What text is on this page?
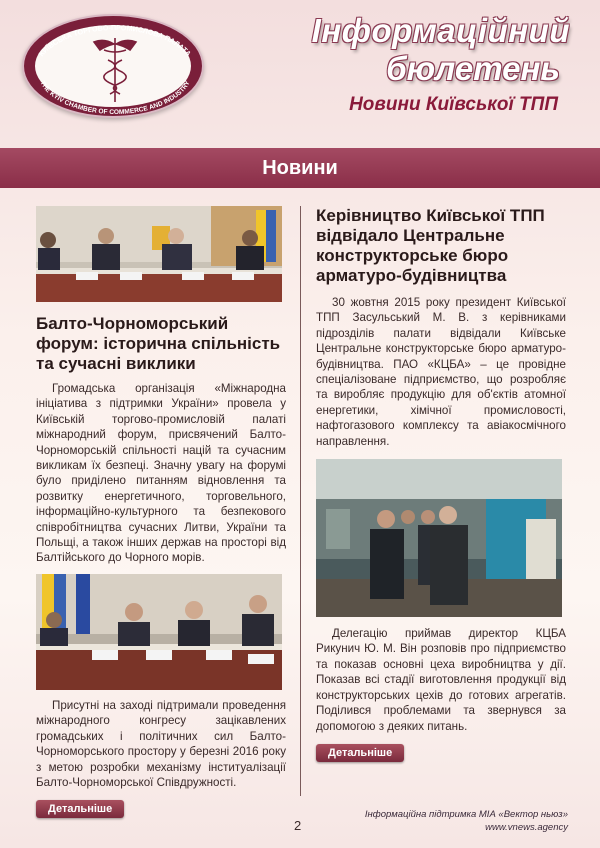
КИЇВСЬКА ТОРГОВО-ПРОМИСЛОВА ПАЛАТА
THE KYIV CHAMBER OF COMMERCE AND INDUSTRY
Інформаційний
бюлетень
Новини Київської ТПП
Новини
Балто-Чорноморський форум: історична спільність та сучасні виклики

Громадська організація «Міжнародна ініціатива з підтримки України» провела у Київській торгово-промисловій палаті міжнародний форум, присвячений Балто-Чорноморській спільності націй та сучасним викликам їх безпеці. Значну увагу на форумі було приділено питанням відновлення та розвитку енергетичного, торговельного, інформаційно-культурного та безпекового співробітництва сучасних Литви, України та Польщі, а також інших держав на просторі від Балтійського до Чорного морів.

Присутні на заході підтримали проведення міжнародного конгресу зацікавлених громадських і політичних сил Балто-Чорноморського простору у березні 2016 року з метою розробки механізму інституалізації Балто-Чорноморської Співдружності.

Детальніше
Керівництво Київської ТПП відвідало Центральне конструкторське бюро арматуро-будівництва

30 жовтня 2015 року президент Київської ТПП Засульський М. В. з керівниками підрозділів палати відвідали Київське Центральне конструкторське бюро арматуро-будівництва. ПАО «КЦБА» – це провідне спеціалізоване підприємство, що розробляє та виробляє продукцію для об'єктів атомної енергетики, хімічної промисловості, нафтогазового комплексу та авіакосмічного направлення.

Делегацію приймав директор КЦБА Рикунич Ю. М. Він розповів про підприємство та показав основні цеха виробництва у дії. Показав всі стадії виготовлення продукції від конструкторських цехів до готових агрегатів. Поділився проблемами та звернувся за допомогою з деяких питань.

Детальніше
2
Інформаційна підтримка МІА «Вектор ньюз»
www.vnews.agency
